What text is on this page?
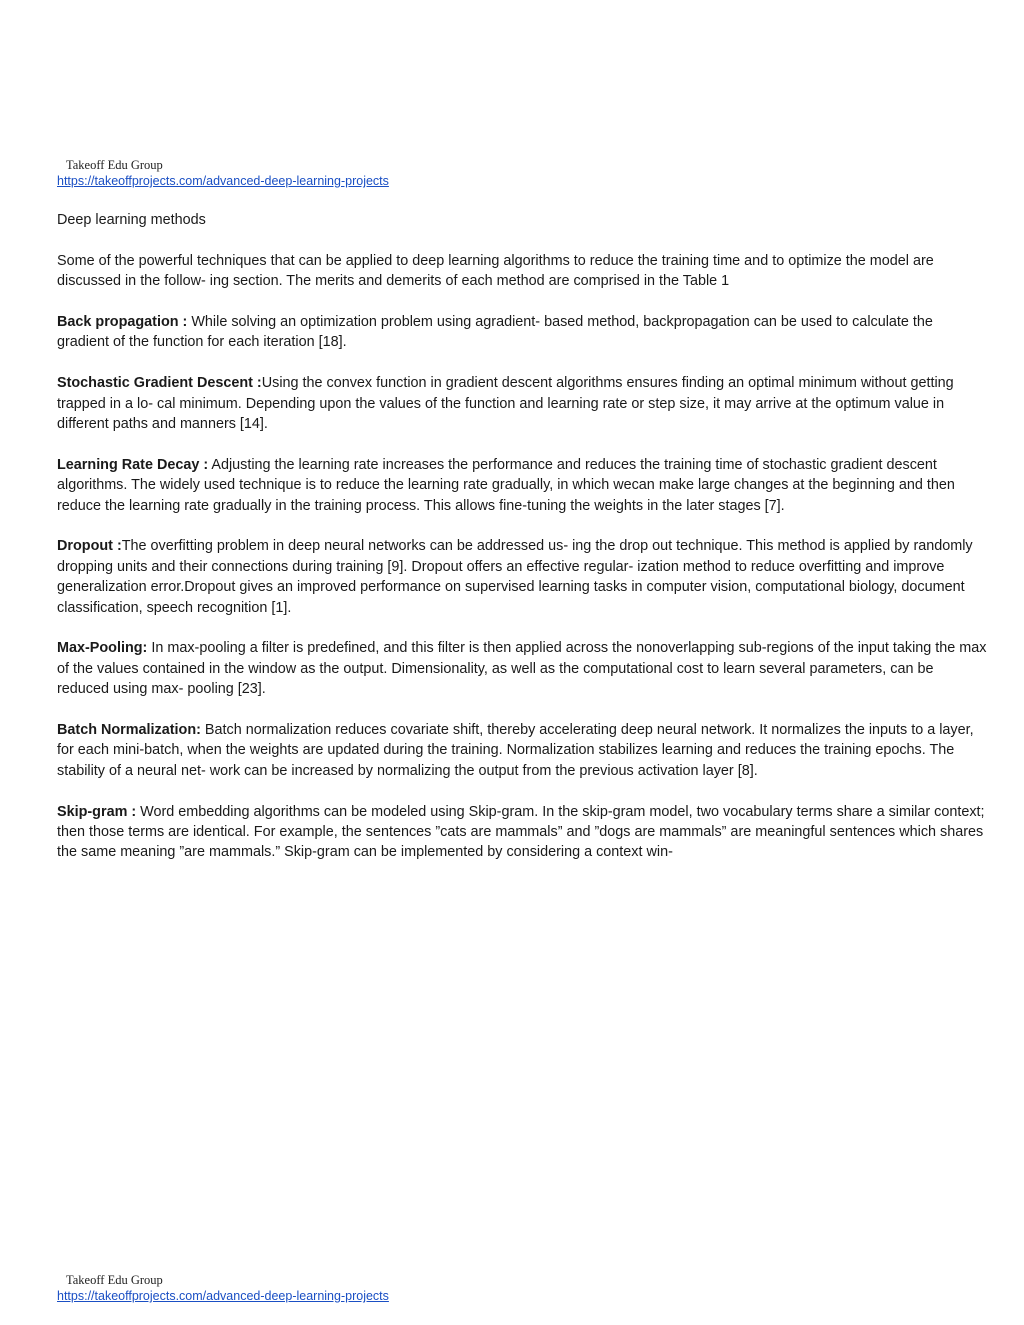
Takeoff Edu Group
https://takeoffprojects.com/advanced-deep-learning-projects

Deep learning methods

Some of the powerful techniques that can be applied to deep learning algorithms to reduce the training time and to optimize the model are discussed in the follow- ing section. The merits and demerits of each method are comprised in the Table 1

Back propagation : While solving an optimization problem using agradient- based method, backpropagation can be used to calculate the gradient of the function for each iteration [18].

Stochastic Gradient Descent :Using the convex function in gradient descent algorithms ensures finding an optimal minimum without getting trapped in a lo- cal minimum. Depending upon the values of the function and learning rate or step size, it may arrive at the optimum value in different paths and manners [14].

Learning Rate Decay : Adjusting the learning rate increases the performance and reduces the training time of stochastic gradient descent algorithms. The widely used technique is to reduce the learning rate gradually, in which wecan make large changes at the beginning and then reduce the learning rate gradually in the training process. This allows fine-tuning the weights in the later stages [7].

Dropout :The overfitting problem in deep neural networks can be addressed us- ing the drop out technique. This method is applied by randomly dropping units and their connections during training [9]. Dropout offers an effective regular- ization method to reduce overfitting and improve generalization error.Dropout gives an improved performance on supervised learning tasks in computer vision, computational biology, document classification, speech recognition [1].

Max-Pooling: In max-pooling a filter is predefined, and this filter is then applied across the nonoverlapping sub-regions of the input taking the max of the values contained in the window as the output. Dimensionality, as well as the computational cost to learn several parameters, can be reduced using max- pooling [23].

Batch Normalization: Batch normalization reduces covariate shift, thereby accelerating deep neural network. It normalizes the inputs to a layer, for each mini-batch, when the weights are updated during the training. Normalization stabilizes learning and reduces the training epochs. The stability of a neural net- work can be increased by normalizing the output from the previous activation layer [8].

Skip-gram : Word embedding algorithms can be modeled using Skip-gram. In the skip-gram model, two vocabulary terms share a similar context; then those terms are identical. For example, the sentences ”cats are mammals” and ”dogs are mammals” are meaningful sentences which shares the same meaning ”are mammals.” Skip-gram can be implemented by considering a context win-

Takeoff Edu Group
https://takeoffprojects.com/advanced-deep-learning-projects
